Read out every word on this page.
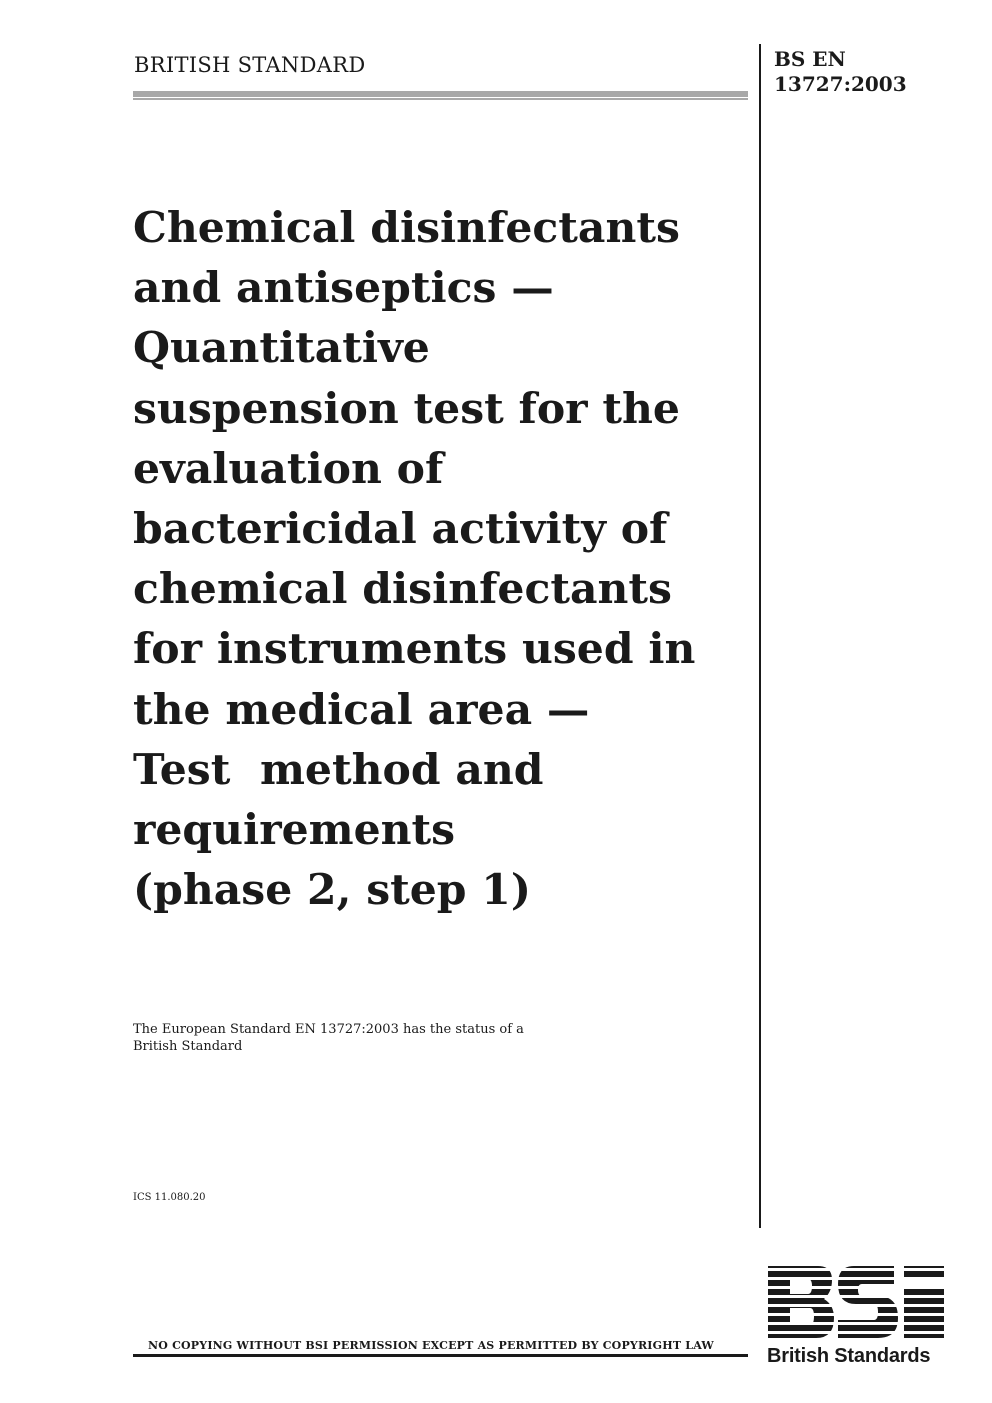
BRITISH STANDARD	BS EN
13727:2003
Chemical disinfectants
and antiseptics —
Quantitative
suspension test for the
evaluation of
bactericidal activity of
chemical disinfectants
for instruments used in
the medical area —
Test  method and
requirements
(phase 2, step 1)
The European Standard EN 13727:2003 has the status of a
British Standard
ICS 11.080.20
NO COPYING WITHOUT BSI PERMISSION EXCEPT AS PERMITTED BY COPYRIGHT LAW	British Standards
